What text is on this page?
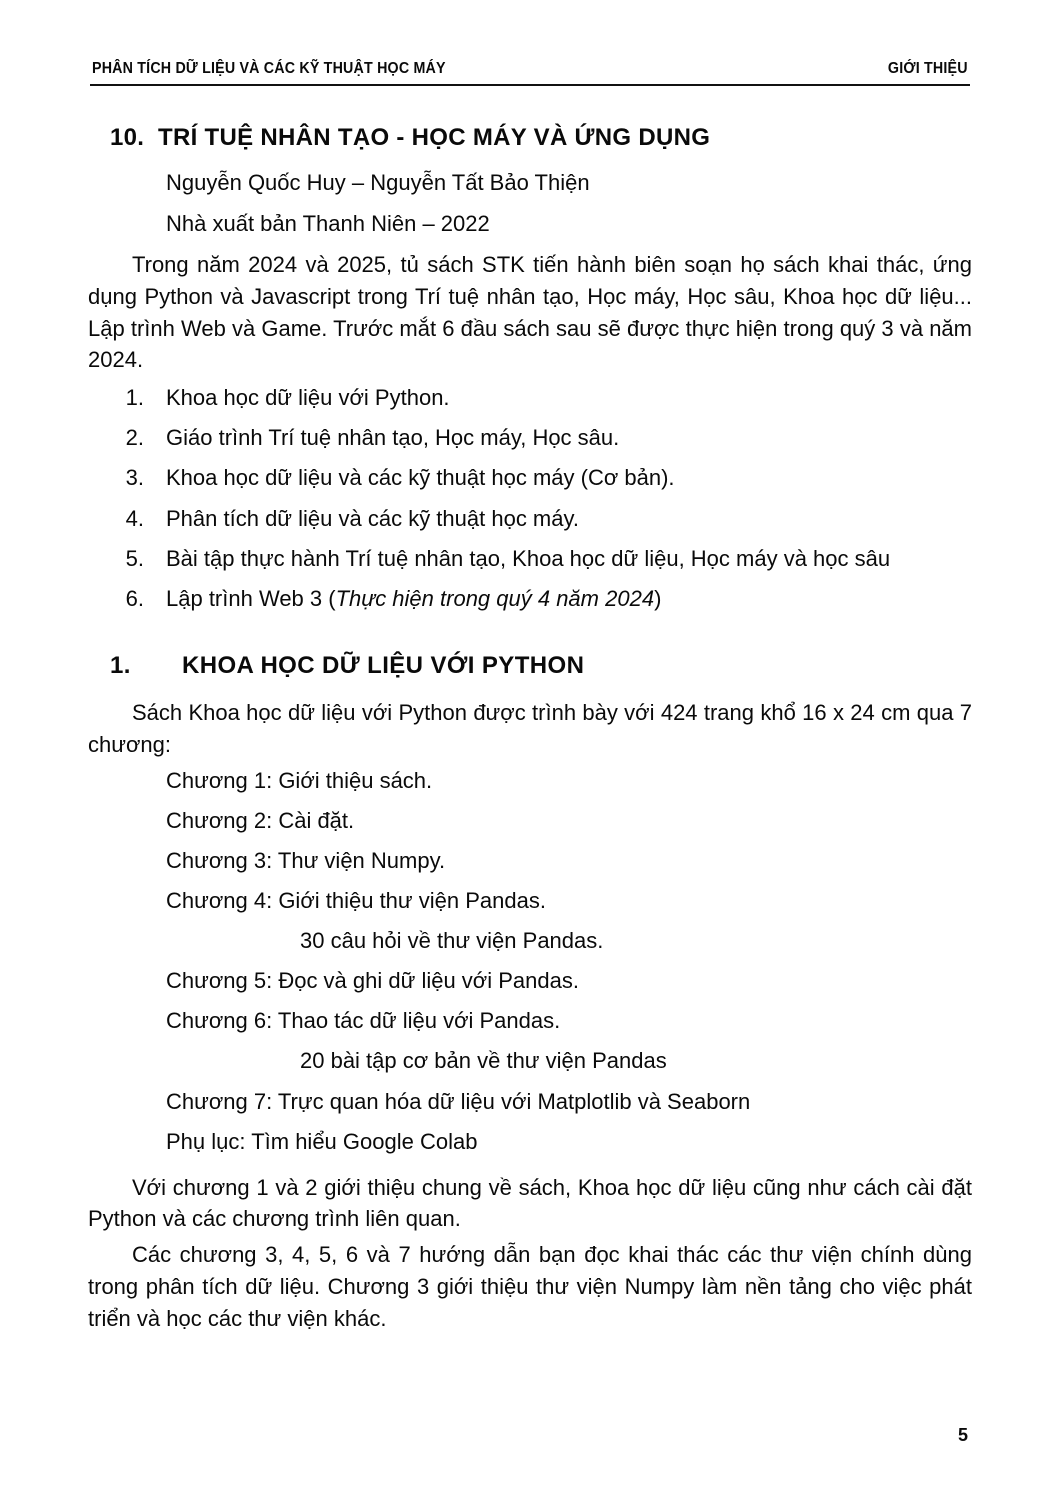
PHÂN TÍCH DỮ LIỆU VÀ CÁC KỸ THUẬT HỌC MÁY	GIỚI THIỆU
10. TRÍ TUỆ NHÂN TẠO - HỌC MÁY VÀ ỨNG DỤNG
Nguyễn Quốc Huy – Nguyễn Tất Bảo Thiện
Nhà xuất bản Thanh Niên – 2022
Trong năm 2024 và 2025, tủ sách STK tiến hành biên soạn họ sách khai thác, ứng dụng Python và Javascript trong Trí tuệ nhân tạo, Học máy, Học sâu, Khoa học dữ liệu... Lập trình Web và Game. Trước mắt 6 đầu sách sau sẽ được thực hiện trong quý 3 và năm 2024.
1.	Khoa học dữ liệu với Python.
2.	Giáo trình Trí tuệ nhân tạo, Học máy, Học sâu.
3.	Khoa học dữ liệu và các kỹ thuật học máy (Cơ bản).
4.	Phân tích dữ liệu và các kỹ thuật học máy.
5.	Bài tập thực hành Trí tuệ nhân tạo, Khoa học dữ liệu, Học máy và học sâu
6.	Lập trình Web 3 (Thực hiện trong quý 4 năm 2024)
1.	KHOA HỌC DỮ LIỆU VỚI PYTHON
Sách Khoa học dữ liệu với Python được trình bày với 424 trang khổ 16 x 24 cm qua 7 chương:
Chương 1: Giới thiệu sách.
Chương 2: Cài đặt.
Chương 3: Thư viện Numpy.
Chương 4: Giới thiệu thư viện Pandas.
30 câu hỏi về thư viện Pandas.
Chương 5: Đọc và ghi dữ liệu với Pandas.
Chương 6: Thao tác dữ liệu với Pandas.
20 bài tập cơ bản về thư viện Pandas
Chương 7: Trực quan hóa dữ liệu với Matplotlib và Seaborn
Phụ lục: Tìm hiểu Google Colab
Với chương 1 và 2 giới thiệu chung về sách, Khoa học dữ liệu cũng như cách cài đặt Python và các chương trình liên quan.
Các chương 3, 4, 5, 6 và 7 hướng dẫn bạn đọc khai thác các thư viện chính dùng trong phân tích dữ liệu. Chương 3 giới thiệu thư viện Numpy làm nền tảng cho việc phát triển và học các thư viện khác.
5
